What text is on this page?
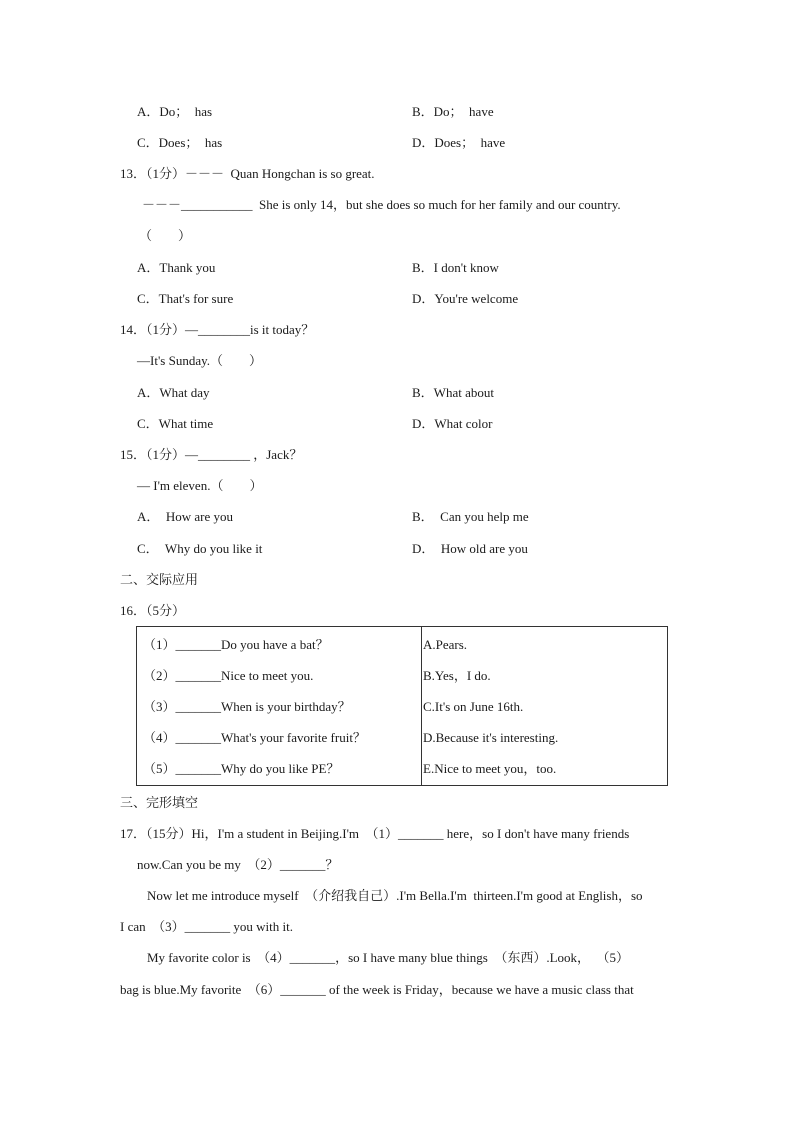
A．Do；  has	B．Do；  have
C．Does；  has	D．Does；  have
13．（1分）－－－  Quan Hongchan is so great.
－－－___________  She is only 14，but she does so much for her family and our country.
（　　）
A．Thank you	B．I don't know
C．That's for sure	D．You're welcome
14．（1分）—________is it today？
—It's Sunday.（　　）
A．What day	B．What about
C．What time	D．What color
15．（1分）—________ ，Jack？
— I'm eleven.（　　）
A．  How are you	B．  Can you help me
C．  Why do you like it	D．  How old are you
二、交际应用
16．（5分）
（1）_______Do you have a bat？	A.Pears.
（2）_______Nice to meet you.	B.Yes，I do.
（3）_______When is your birthday？	C.It's on June 16th.
（4）_______What's your favorite fruit？	D.Because it's interesting.
（5）_______Why do you like PE？	E.Nice to meet you，too.
三、完形填空
17．（15分）Hi，I'm a student in Beijing.I'm  （1）_______ here，so I don't have many friends
now.Can you be my  （2）_______？
Now let me introduce myself  （介绍我自己）.I'm Bella.I'm  thirteen.I'm good at English，so
I can  （3）_______ you with it.
My favorite color is  （4）_______，so I have many blue things  （东西）.Look，  （5）
bag is blue.My favorite  （6）_______ of the week is Friday，because we have a music class that
